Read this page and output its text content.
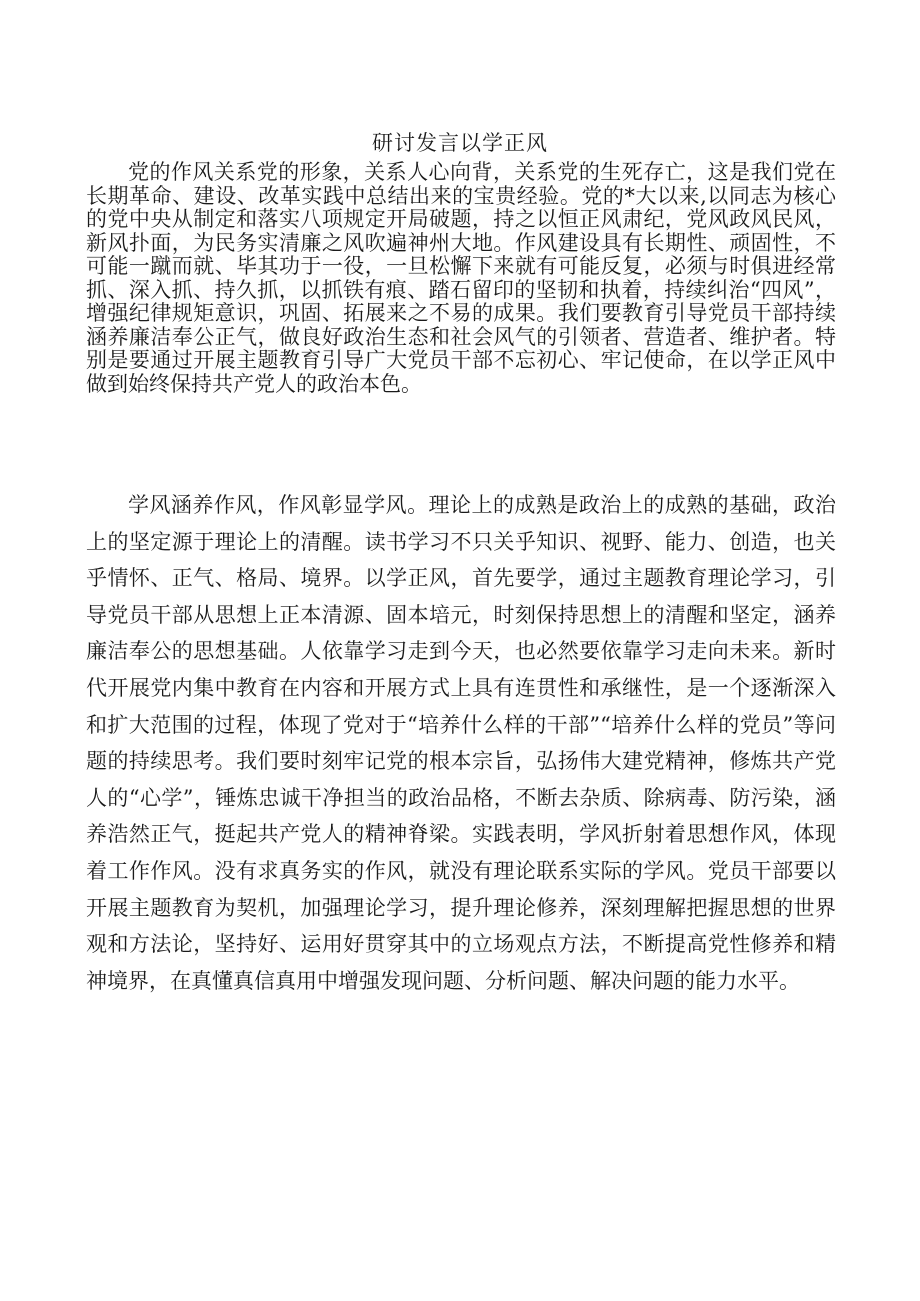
研讨发言以学正风

党的作风关系党的形象，关系人心向背，关系党的生死存亡，这是我们党在长期革命、建设、改革实践中总结出来的宝贵经验。党的*大以来,以同志为核心的党中央从制定和落实八项规定开局破题，持之以恒正风肃纪，党风政风民风，新风扑面，为民务实清廉之风吹遍神州大地。作风建设具有长期性、顽固性，不可能一蹴而就、毕其功于一役，一旦松懈下来就有可能反复，必须与时俱进经常抓、深入抓、持久抓，以抓铁有痕、踏石留印的坚韧和执着，持续纠治“四风”，增强纪律规矩意识，巩固、拓展来之不易的成果。我们要教育引导党员干部持续涵养廉洁奉公正气，做良好政治生态和社会风气的引领者、营造者、维护者。特别是要通过开展主题教育引导广大党员干部不忘初心、牢记使命，在以学正风中做到始终保持共产党人的政治本色。

学风涵养作风，作风彰显学风。理论上的成熟是政治上的成熟的基础，政治上的坚定源于理论上的清醒。读书学习不只关乎知识、视野、能力、创造，也关乎情怀、正气、格局、境界。以学正风，首先要学，通过主题教育理论学习，引导党员干部从思想上正本清源、固本培元，时刻保持思想上的清醒和坚定，涵养廉洁奉公的思想基础。人依靠学习走到今天，也必然要依靠学习走向未来。新时代开展党内集中教育在内容和开展方式上具有连贯性和承继性，是一个逐渐深入和扩大范围的过程，体现了党对于“培养什么样的干部”“培养什么样的党员”等问题的持续思考。我们要时刻牢记党的根本宗旨，弘扬伟大建党精神，修炼共产党人的“心学”，锤炼忠诚干净担当的政治品格，不断去杂质、除病毒、防污染，涵养浩然正气，挺起共产党人的精神脊梁。实践表明，学风折射着思想作风，体现着工作作风。没有求真务实的作风，就没有理论联系实际的学风。党员干部要以开展主题教育为契机，加强理论学习，提升理论修养，深刻理解把握思想的世界观和方法论，坚持好、运用好贯穿其中的立场观点方法，不断提高党性修养和精神境界，在真懂真信真用中增强发现问题、分析问题、解决问题的能力水平。
